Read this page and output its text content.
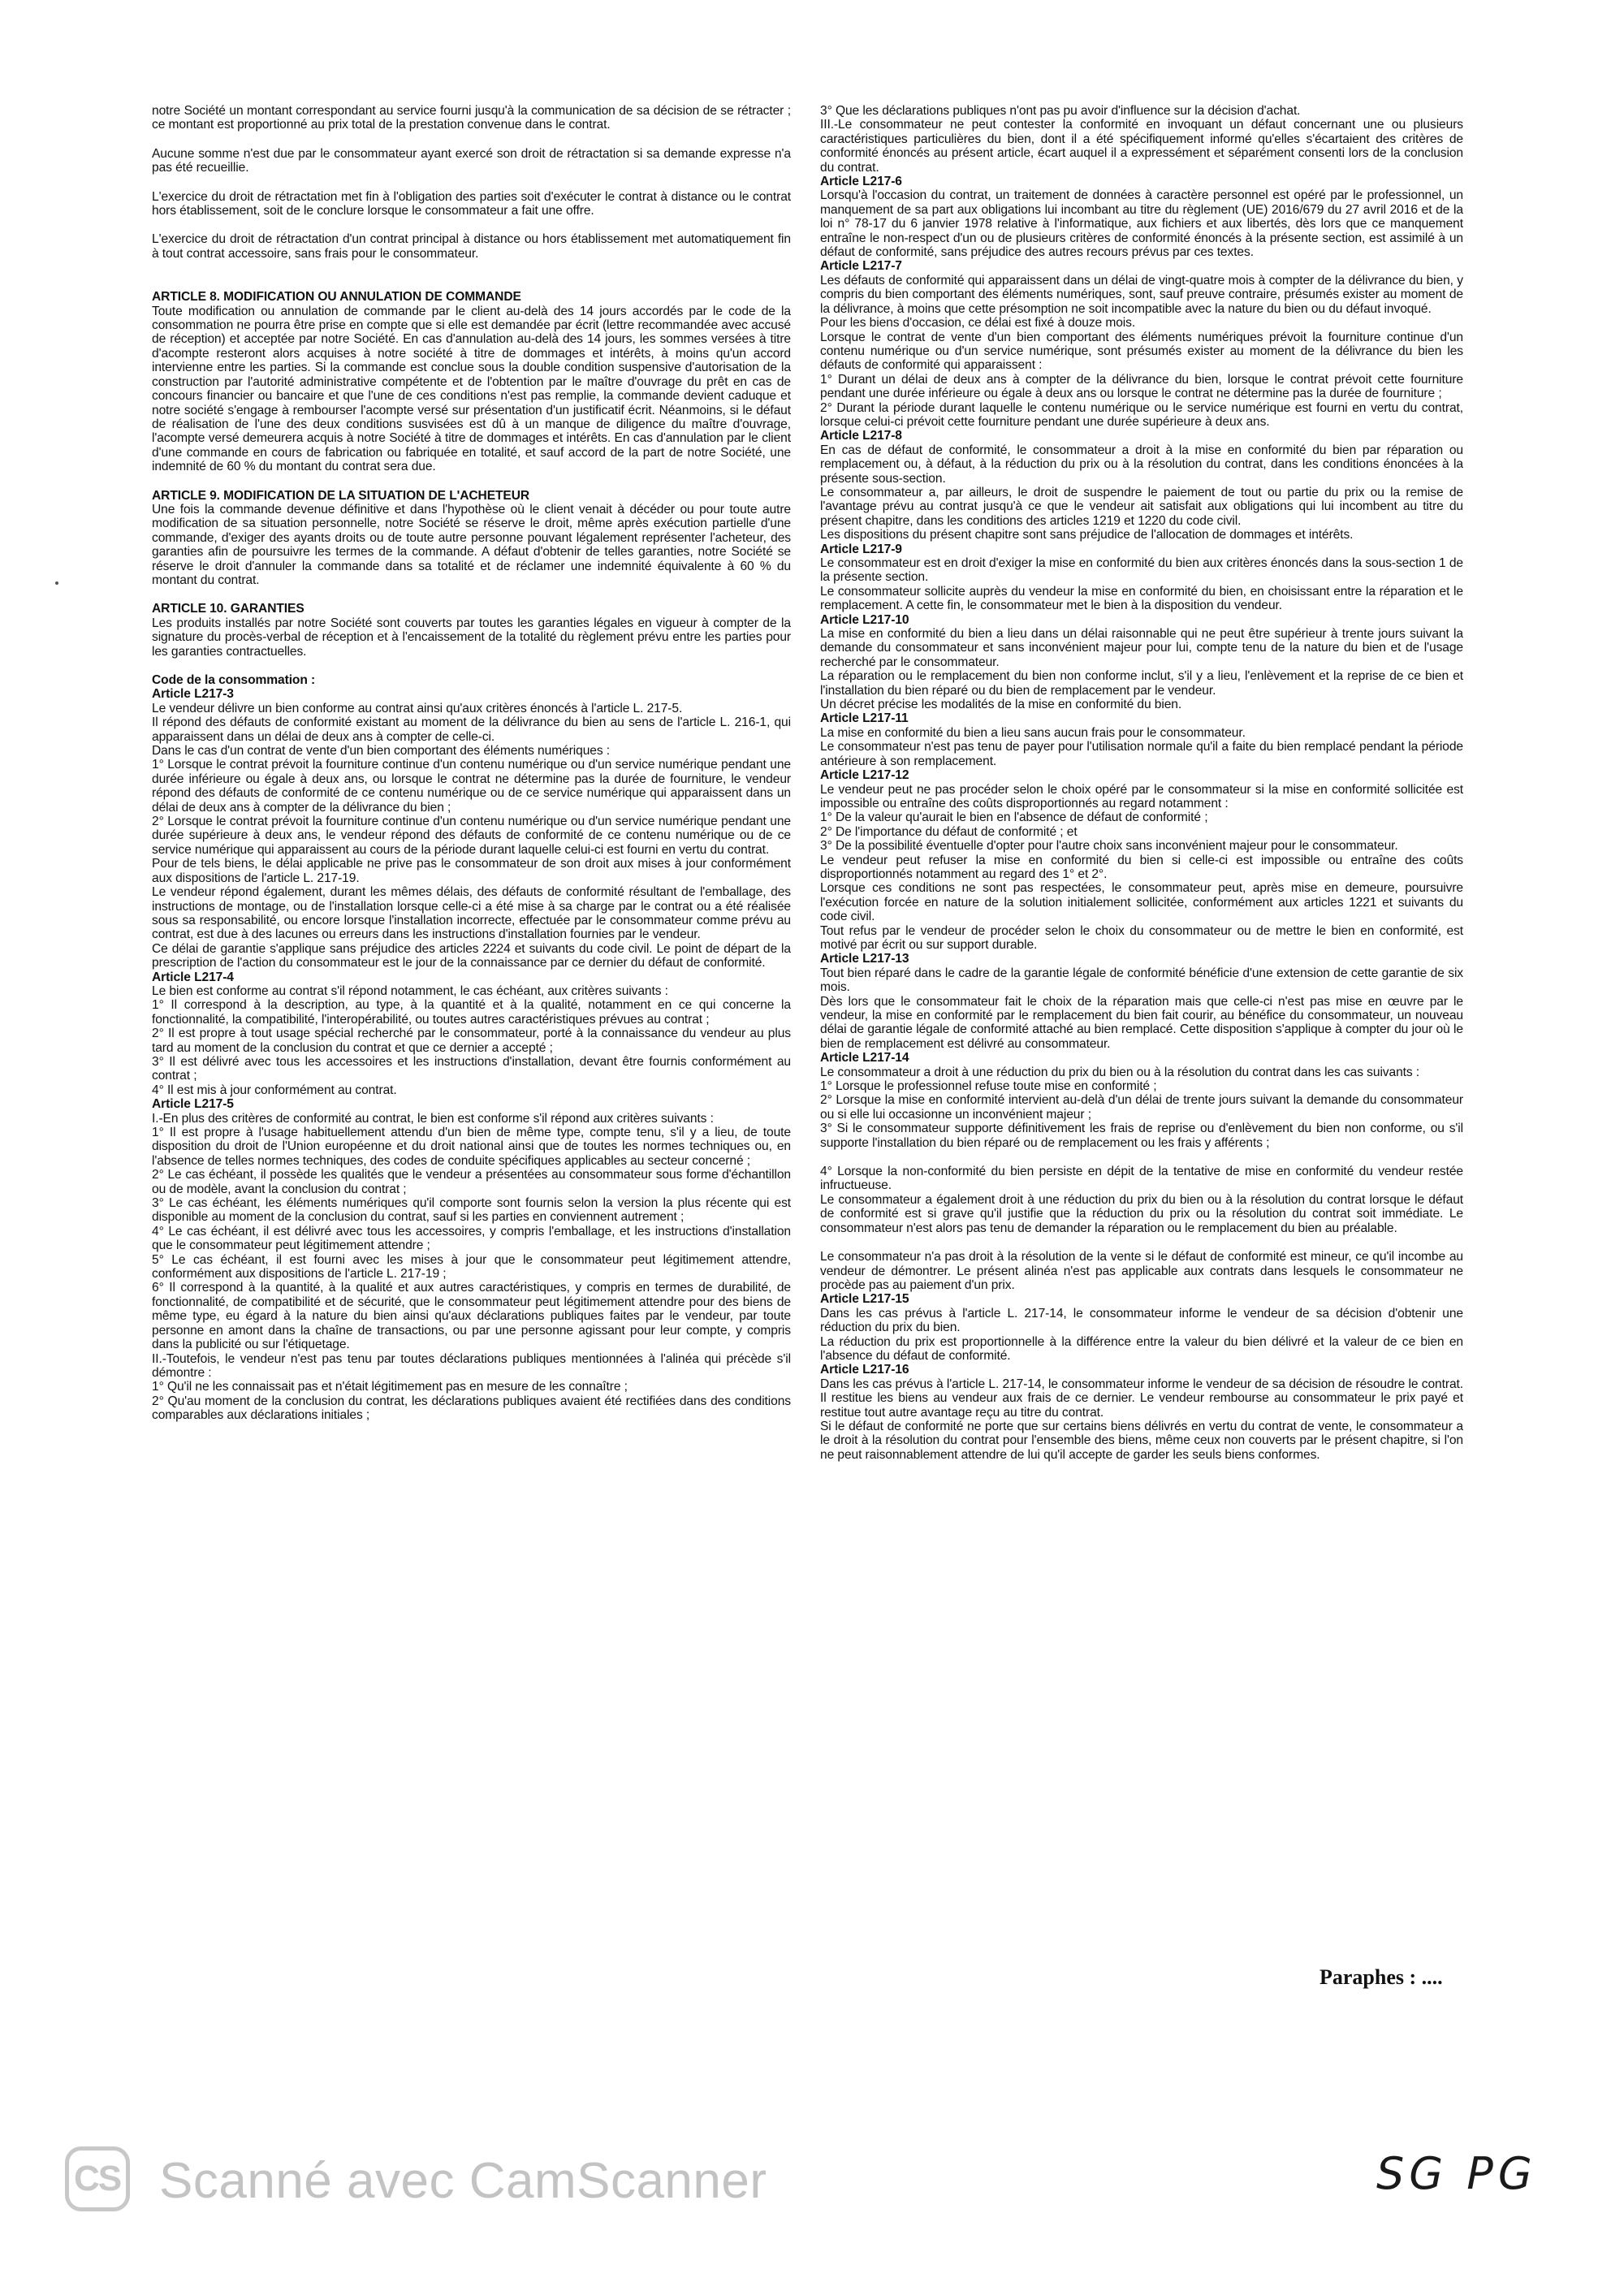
notre Société un montant correspondant au service fourni jusqu'à la communication de sa décision de se rétracter ; ce montant est proportionné au prix total de la prestation convenue dans le contrat.

Aucune somme n'est due par le consommateur ayant exercé son droit de rétractation si sa demande expresse n'a pas été recueillie.

L'exercice du droit de rétractation met fin à l'obligation des parties soit d'exécuter le contrat à distance ou le contrat hors établissement, soit de le conclure lorsque le consommateur a fait une offre.

L'exercice du droit de rétractation d'un contrat principal à distance ou hors établissement met automatiquement fin à tout contrat accessoire, sans frais pour le consommateur.

ARTICLE 8. MODIFICATION OU ANNULATION DE COMMANDE

Toute modification ou annulation de commande par le client au-delà des 14 jours accordés par le code de la consommation ne pourra être prise en compte que si elle est demandée par écrit (lettre recommandée avec accusé de réception) et acceptée par notre Société. En cas d'annulation au-delà des 14 jours, les sommes versées à titre d'acompte resteront alors acquises à notre société à titre de dommages et intérêts, à moins qu'un accord intervienne entre les parties. Si la commande est conclue sous la double condition suspensive d'autorisation de la construction par l'autorité administrative compétente et de l'obtention par le maître d'ouvrage du prêt en cas de concours financier ou bancaire et que l'une de ces conditions n'est pas remplie, la commande devient caduque et notre société s'engage à rembourser l'acompte versé sur présentation d'un justificatif écrit. Néanmoins, si le défaut de réalisation de l'une des deux conditions susvisées est dû à un manque de diligence du maître d'ouvrage, l'acompte versé demeurera acquis à notre Société à titre de dommages et intérêts. En cas d'annulation par le client d'une commande en cours de fabrication ou fabriquée en totalité, et sauf accord de la part de notre Société, une indemnité de 60 % du montant du contrat sera due.

ARTICLE 9. MODIFICATION DE LA SITUATION DE L'ACHETEUR

Une fois la commande devenue définitive et dans l'hypothèse où le client venait à décéder ou pour toute autre modification de sa situation personnelle, notre Société se réserve le droit, même après exécution partielle d'une commande, d'exiger des ayants droits ou de toute autre personne pouvant légalement représenter l'acheteur, des garanties afin de poursuivre les termes de la commande. A défaut d'obtenir de telles garanties, notre Société se réserve le droit d'annuler la commande dans sa totalité et de réclamer une indemnité équivalente à 60 % du montant du contrat.

ARTICLE 10. GARANTIES

Les produits installés par notre Société sont couverts par toutes les garanties légales en vigueur à compter de la signature du procès-verbal de réception et à l'encaissement de la totalité du règlement prévu entre les parties pour les garanties contractuelles.

Code de la consommation :

Article L217-3

Le vendeur délivre un bien conforme au contrat ainsi qu'aux critères énoncés à l'article L. 217-5.

Il répond des défauts de conformité existant au moment de la délivrance du bien au sens de l'article L. 216-1, qui apparaissent dans un délai de deux ans à compter de celle-ci.

Dans le cas d'un contrat de vente d'un bien comportant des éléments numériques :

1° Lorsque le contrat prévoit la fourniture continue d'un contenu numérique ou d'un service numérique pendant une durée inférieure ou égale à deux ans, ou lorsque le contrat ne détermine pas la durée de fourniture, le vendeur répond des défauts de conformité de ce contenu numérique ou de ce service numérique qui apparaissent dans un délai de deux ans à compter de la délivrance du bien ;

2° Lorsque le contrat prévoit la fourniture continue d'un contenu numérique ou d'un service numérique pendant une durée supérieure à deux ans, le vendeur répond des défauts de conformité de ce contenu numérique ou de ce service numérique qui apparaissent au cours de la période durant laquelle celui-ci est fourni en vertu du contrat.

Pour de tels biens, le délai applicable ne prive pas le consommateur de son droit aux mises à jour conformément aux dispositions de l'article L. 217-19.

Le vendeur répond également, durant les mêmes délais, des défauts de conformité résultant de l'emballage, des instructions de montage, ou de l'installation lorsque celle-ci a été mise à sa charge par le contrat ou a été réalisée sous sa responsabilité, ou encore lorsque l'installation incorrecte, effectuée par le consommateur comme prévu au contrat, est due à des lacunes ou erreurs dans les instructions d'installation fournies par le vendeur.

Ce délai de garantie s'applique sans préjudice des articles 2224 et suivants du code civil. Le point de départ de la prescription de l'action du consommateur est le jour de la connaissance par ce dernier du défaut de conformité.

Article L217-4

Le bien est conforme au contrat s'il répond notamment, le cas échéant, aux critères suivants :

1° Il correspond à la description, au type, à la quantité et à la qualité, notamment en ce qui concerne la fonctionnalité, la compatibilité, l'interopérabilité, ou toutes autres caractéristiques prévues au contrat ;

2° Il est propre à tout usage spécial recherché par le consommateur, porté à la connaissance du vendeur au plus tard au moment de la conclusion du contrat et que ce dernier a accepté ;

3° Il est délivré avec tous les accessoires et les instructions d'installation, devant être fournis conformément au contrat ;

4° Il est mis à jour conformément au contrat.

Article L217-5

I.-En plus des critères de conformité au contrat, le bien est conforme s'il répond aux critères suivants :

1° Il est propre à l'usage habituellement attendu d'un bien de même type, compte tenu, s'il y a lieu, de toute disposition du droit de l'Union européenne et du droit national ainsi que de toutes les normes techniques ou, en l'absence de telles normes techniques, des codes de conduite spécifiques applicables au secteur concerné ;

2° Le cas échéant, il possède les qualités que le vendeur a présentées au consommateur sous forme d'échantillon ou de modèle, avant la conclusion du contrat ;

3° Le cas échéant, les éléments numériques qu'il comporte sont fournis selon la version la plus récente qui est disponible au moment de la conclusion du contrat, sauf si les parties en conviennent autrement ;

4° Le cas échéant, il est délivré avec tous les accessoires, y compris l'emballage, et les instructions d'installation que le consommateur peut légitimement attendre ;

5° Le cas échéant, il est fourni avec les mises à jour que le consommateur peut légitimement attendre, conformément aux dispositions de l'article L. 217-19 ;

6° Il correspond à la quantité, à la qualité et aux autres caractéristiques, y compris en termes de durabilité, de fonctionnalité, de compatibilité et de sécurité, que le consommateur peut légitimement attendre pour des biens de même type, eu égard à la nature du bien ainsi qu'aux déclarations publiques faites par le vendeur, par toute personne en amont dans la chaîne de transactions, ou par une personne agissant pour leur compte, y compris dans la publicité ou sur l'étiquetage.

II.-Toutefois, le vendeur n'est pas tenu par toutes déclarations publiques mentionnées à l'alinéa qui précède s'il démontre :

1° Qu'il ne les connaissait pas et n'était légitimement pas en mesure de les connaître ;

2° Qu'au moment de la conclusion du contrat, les déclarations publiques avaient été rectifiées dans des conditions comparables aux déclarations initiales ;

3° Que les déclarations publiques n'ont pas pu avoir d'influence sur la décision d'achat.

III.-Le consommateur ne peut contester la conformité en invoquant un défaut concernant une ou plusieurs caractéristiques particulières du bien, dont il a été spécifiquement informé qu'elles s'écartaient des critères de conformité énoncés au présent article, écart auquel il a expressément et séparément consenti lors de la conclusion du contrat.

Article L217-6

Lorsqu'à l'occasion du contrat, un traitement de données à caractère personnel est opéré par le professionnel, un manquement de sa part aux obligations lui incombant au titre du règlement (UE) 2016/679 du 27 avril 2016 et de la loi n° 78-17 du 6 janvier 1978 relative à l'informatique, aux fichiers et aux libertés, dès lors que ce manquement entraîne le non-respect d'un ou de plusieurs critères de conformité énoncés à la présente section, est assimilé à un défaut de conformité, sans préjudice des autres recours prévus par ces textes.

Article L217-7

Les défauts de conformité qui apparaissent dans un délai de vingt-quatre mois à compter de la délivrance du bien, y compris du bien comportant des éléments numériques, sont, sauf preuve contraire, présumés exister au moment de la délivrance, à moins que cette présomption ne soit incompatible avec la nature du bien ou du défaut invoqué.

Pour les biens d'occasion, ce délai est fixé à douze mois.

Lorsque le contrat de vente d'un bien comportant des éléments numériques prévoit la fourniture continue d'un contenu numérique ou d'un service numérique, sont présumés exister au moment de la délivrance du bien les défauts de conformité qui apparaissent :

1° Durant un délai de deux ans à compter de la délivrance du bien, lorsque le contrat prévoit cette fourniture pendant une durée inférieure ou égale à deux ans ou lorsque le contrat ne détermine pas la durée de fourniture ;

2° Durant la période durant laquelle le contenu numérique ou le service numérique est fourni en vertu du contrat, lorsque celui-ci prévoit cette fourniture pendant une durée supérieure à deux ans.

Article L217-8

En cas de défaut de conformité, le consommateur a droit à la mise en conformité du bien par réparation ou remplacement ou, à défaut, à la réduction du prix ou à la résolution du contrat, dans les conditions énoncées à la présente sous-section.

Le consommateur a, par ailleurs, le droit de suspendre le paiement de tout ou partie du prix ou la remise de l'avantage prévu au contrat jusqu'à ce que le vendeur ait satisfait aux obligations qui lui incombent au titre du présent chapitre, dans les conditions des articles 1219 et 1220 du code civil.

Les dispositions du présent chapitre sont sans préjudice de l'allocation de dommages et intérêts.

Article L217-9

Le consommateur est en droit d'exiger la mise en conformité du bien aux critères énoncés dans la sous-section 1 de la présente section.

Le consommateur sollicite auprès du vendeur la mise en conformité du bien, en choisissant entre la réparation et le remplacement. A cette fin, le consommateur met le bien à la disposition du vendeur.

Article L217-10

La mise en conformité du bien a lieu dans un délai raisonnable qui ne peut être supérieur à trente jours suivant la demande du consommateur et sans inconvénient majeur pour lui, compte tenu de la nature du bien et de l'usage recherché par le consommateur.

La réparation ou le remplacement du bien non conforme inclut, s'il y a lieu, l'enlèvement et la reprise de ce bien et l'installation du bien réparé ou du bien de remplacement par le vendeur.

Un décret précise les modalités de la mise en conformité du bien.

Article L217-11

La mise en conformité du bien a lieu sans aucun frais pour le consommateur.

Le consommateur n'est pas tenu de payer pour l'utilisation normale qu'il a faite du bien remplacé pendant la période antérieure à son remplacement.

Article L217-12

Le vendeur peut ne pas procéder selon le choix opéré par le consommateur si la mise en conformité sollicitée est impossible ou entraîne des coûts disproportionnés au regard notamment :

1° De la valeur qu'aurait le bien en l'absence de défaut de conformité ;

2° De l'importance du défaut de conformité ; et

3° De la possibilité éventuelle d'opter pour l'autre choix sans inconvénient majeur pour le consommateur.

Le vendeur peut refuser la mise en conformité du bien si celle-ci est impossible ou entraîne des coûts disproportionnés notamment au regard des 1° et 2°.

Lorsque ces conditions ne sont pas respectées, le consommateur peut, après mise en demeure, poursuivre l'exécution forcée en nature de la solution initialement sollicitée, conformément aux articles 1221 et suivants du code civil.

Tout refus par le vendeur de procéder selon le choix du consommateur ou de mettre le bien en conformité, est motivé par écrit ou sur support durable.

Article L217-13

Tout bien réparé dans le cadre de la garantie légale de conformité bénéficie d'une extension de cette garantie de six mois.

Dès lors que le consommateur fait le choix de la réparation mais que celle-ci n'est pas mise en œuvre par le vendeur, la mise en conformité par le remplacement du bien fait courir, au bénéfice du consommateur, un nouveau délai de garantie légale de conformité attaché au bien remplacé. Cette disposition s'applique à compter du jour où le bien de remplacement est délivré au consommateur.

Article L217-14

Le consommateur a droit à une réduction du prix du bien ou à la résolution du contrat dans les cas suivants :

1° Lorsque le professionnel refuse toute mise en conformité ;

2° Lorsque la mise en conformité intervient au-delà d'un délai de trente jours suivant la demande du consommateur ou si elle lui occasionne un inconvénient majeur ;

3° Si le consommateur supporte définitivement les frais de reprise ou d'enlèvement du bien non conforme, ou s'il supporte l'installation du bien réparé ou de remplacement ou les frais y afférents ;

4° Lorsque la non-conformité du bien persiste en dépit de la tentative de mise en conformité du vendeur restée infructueuse.

Le consommateur a également droit à une réduction du prix du bien ou à la résolution du contrat lorsque le défaut de conformité est si grave qu'il justifie que la réduction du prix ou la résolution du contrat soit immédiate. Le consommateur n'est alors pas tenu de demander la réparation ou le remplacement du bien au préalable.

Le consommateur n'a pas droit à la résolution de la vente si le défaut de conformité est mineur, ce qu'il incombe au vendeur de démontrer. Le présent alinéa n'est pas applicable aux contrats dans lesquels le consommateur ne procède pas au paiement d'un prix.

Article L217-15

Dans les cas prévus à l'article L. 217-14, le consommateur informe le vendeur de sa décision d'obtenir une réduction du prix du bien.

La réduction du prix est proportionnelle à la différence entre la valeur du bien délivré et la valeur de ce bien en l'absence du défaut de conformité.

Article L217-16

Dans les cas prévus à l'article L. 217-14, le consommateur informe le vendeur de sa décision de résoudre le contrat. Il restitue les biens au vendeur aux frais de ce dernier. Le vendeur rembourse au consommateur le prix payé et restitue tout autre avantage reçu au titre du contrat.

Si le défaut de conformité ne porte que sur certains biens délivrés en vertu du contrat de vente, le consommateur a le droit à la résolution du contrat pour l'ensemble des biens, même ceux non couverts par le présent chapitre, si l'on ne peut raisonnablement attendre de lui qu'il accepte de garder les seuls biens conformes.

Paraphes : ....
CS Scanné avec CamScanner	SG PG
